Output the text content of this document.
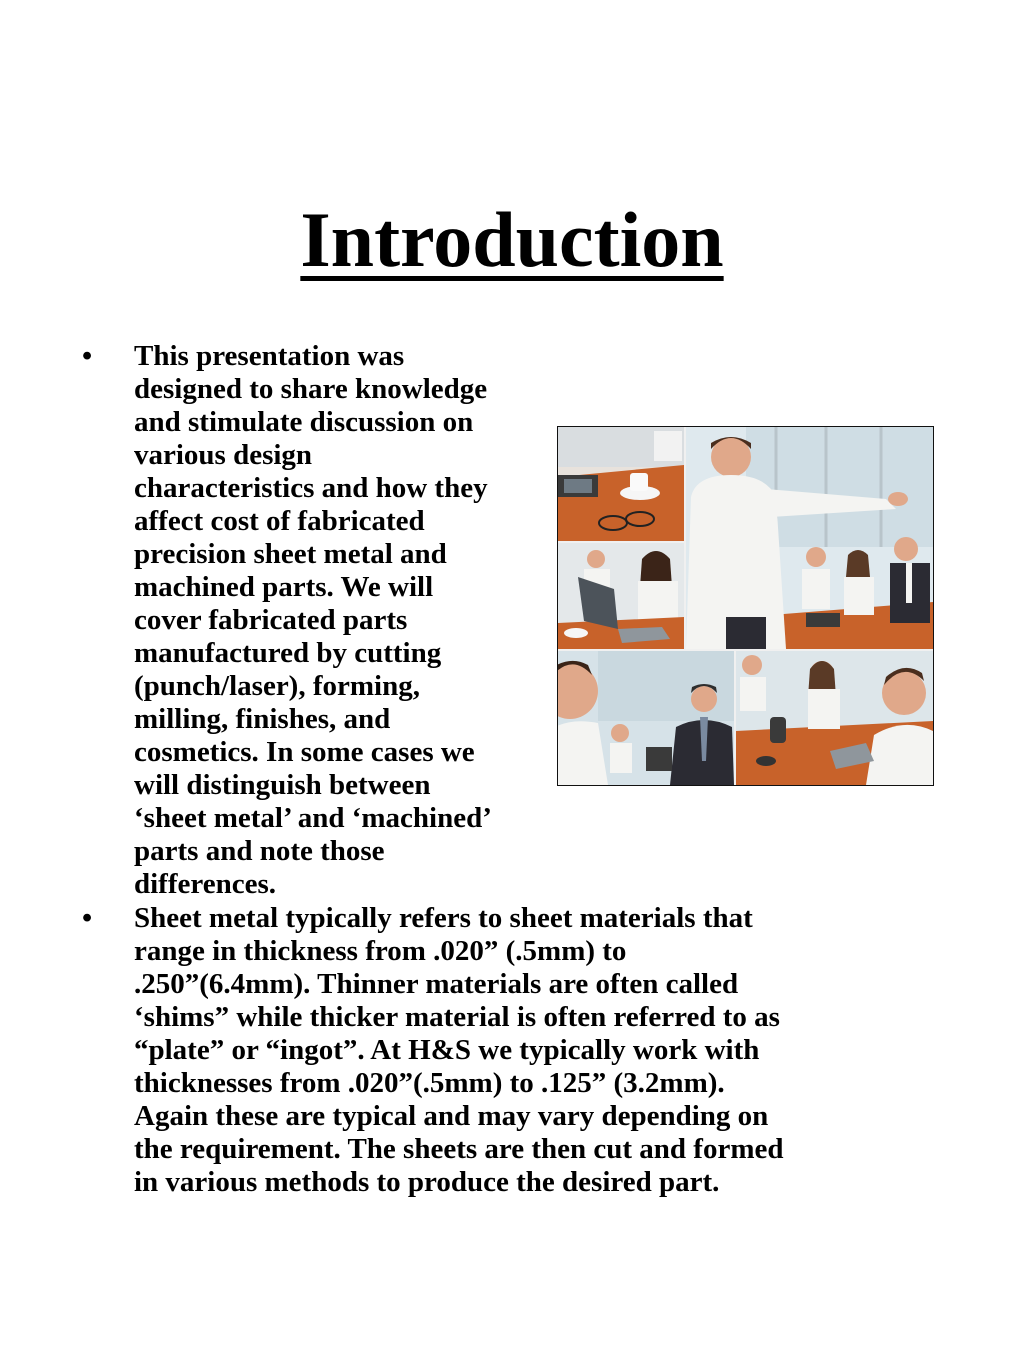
Introduction
•	This presentation was
designed to share knowledge
and stimulate discussion on
various design
characteristics and how they
affect cost of fabricated
precision sheet metal and
machined parts. We will
cover fabricated parts
manufactured by cutting
(punch/laser), forming,
milling, finishes, and
cosmetics. In some cases we
will distinguish between
‘sheet metal’ and ‘machined’
parts and note those
differences.
•	Sheet metal typically refers to sheet materials that
range in thickness from .020” (.5mm) to
.250”(6.4mm). Thinner materials are often called
‘shims” while thicker material is often referred to as
“plate” or “ingot”. At H&S we typically work with
thicknesses from .020”(.5mm) to .125” (3.2mm).
Again these are typical and may vary depending on
the requirement. The sheets are then cut and formed
in various methods to produce the desired part.
